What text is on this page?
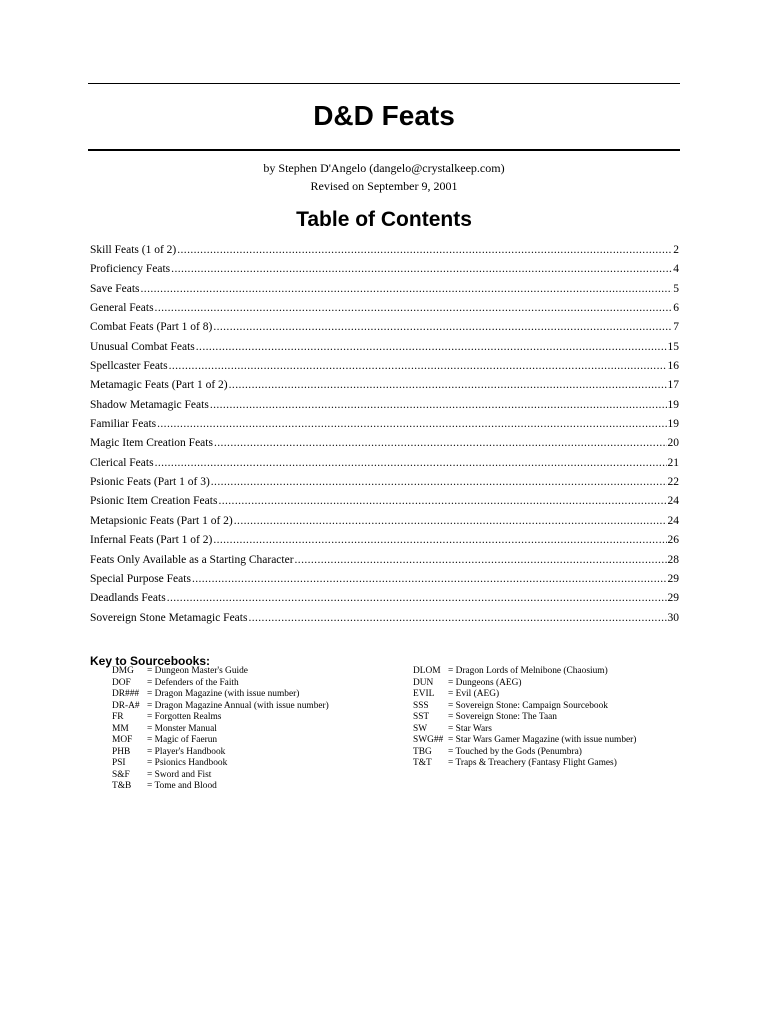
D&D Feats
by Stephen D'Angelo (dangelo@crystalkeep.com)
Revised on September 9, 2001
Table of Contents
Skill Feats (1 of 2) .....	2
Proficiency Feats .....	4
Save Feats .....	5
General Feats .....	6
Combat Feats (Part 1 of 8) .....	7
Unusual Combat Feats .....	15
Spellcaster Feats .....	16
Metamagic Feats (Part 1 of 2) .....	17
Shadow Metamagic Feats .....	19
Familiar Feats .....	19
Magic Item Creation Feats .....	20
Clerical Feats .....	21
Psionic Feats (Part 1 of 3) .....	22
Psionic Item Creation Feats .....	24
Metapsionic Feats (Part 1 of 2) .....	24
Infernal Feats (Part 1 of 2) .....	26
Feats Only Available as a Starting Character .....	28
Special Purpose Feats .....	29
Deadlands Feats .....	29
Sovereign Stone Metamagic Feats .....	30
Key to Sourcebooks:
DMG	= Dungeon Master's Guide
DOF	= Defenders of the Faith
DR### = Dragon Magazine (with issue number)
DR-A# = Dragon Magazine Annual (with issue number)
FR	= Forgotten Realms
MM	= Monster Manual
MOF	= Magic of Faerun
PHB	= Player's Handbook
PSI	= Psionics Handbook
S&F	= Sword and Fist
T&B	= Tome and Blood
DLOM = Dragon Lords of Melnibone (Chaosium)
DUN	= Dungeons (AEG)
EVIL	= Evil (AEG)
SSS	= Sovereign Stone: Campaign Sourcebook
SST	= Sovereign Stone: The Taan
SW	= Star Wars
SWG## = Star Wars Gamer Magazine (with issue number)
TBG	= Touched by the Gods (Penumbra)
T&T	= Traps & Treachery (Fantasy Flight Games)
